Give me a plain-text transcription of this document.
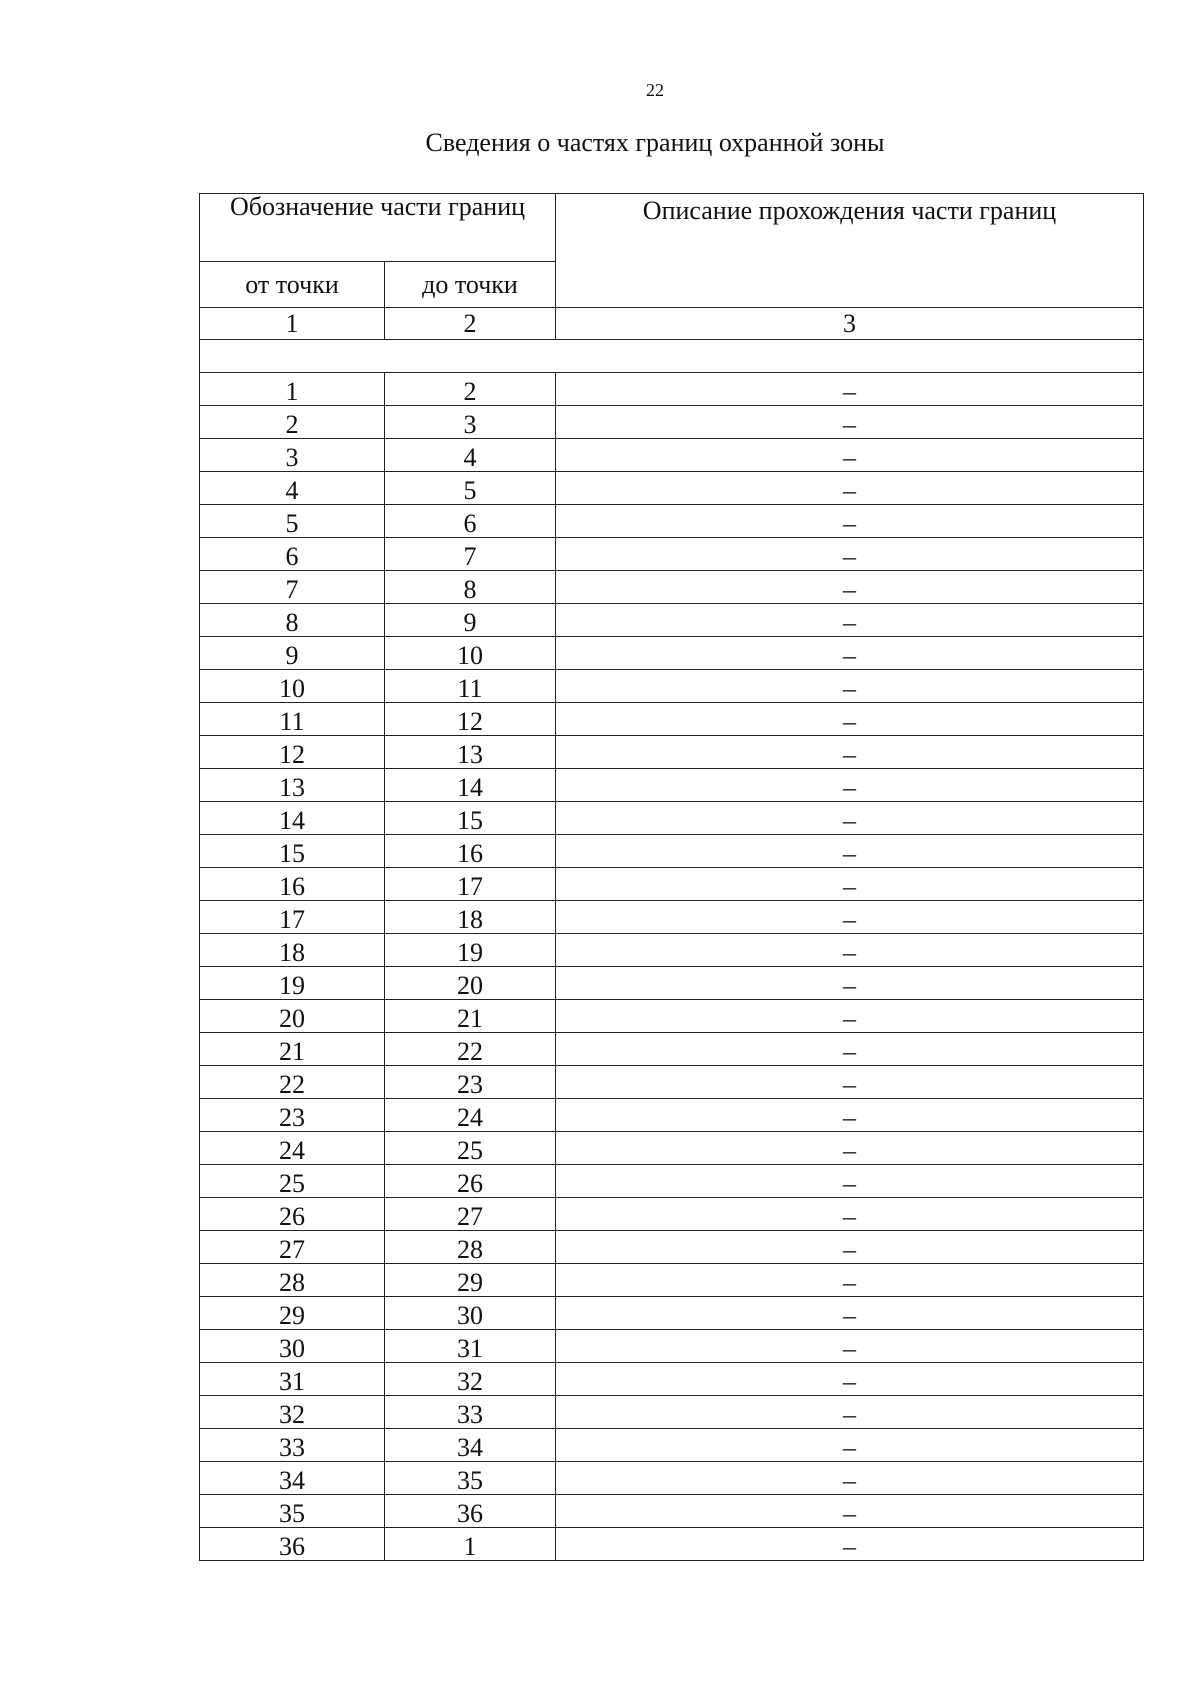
22
Сведения о частях границ охранной зоны
Обозначение части границ		Описание прохождения части границ
от точки	до точки	
1	2	3

1	2	–
2	3	–
3	4	–
4	5	–
5	6	–
6	7	–
7	8	–
8	9	–
9	10	–
10	11	–
11	12	–
12	13	–
13	14	–
14	15	–
15	16	–
16	17	–
17	18	–
18	19	–
19	20	–
20	21	–
21	22	–
22	23	–
23	24	–
24	25	–
25	26	–
26	27	–
27	28	–
28	29	–
29	30	–
30	31	–
31	32	–
32	33	–
33	34	–
34	35	–
35	36	–
36	1	–
